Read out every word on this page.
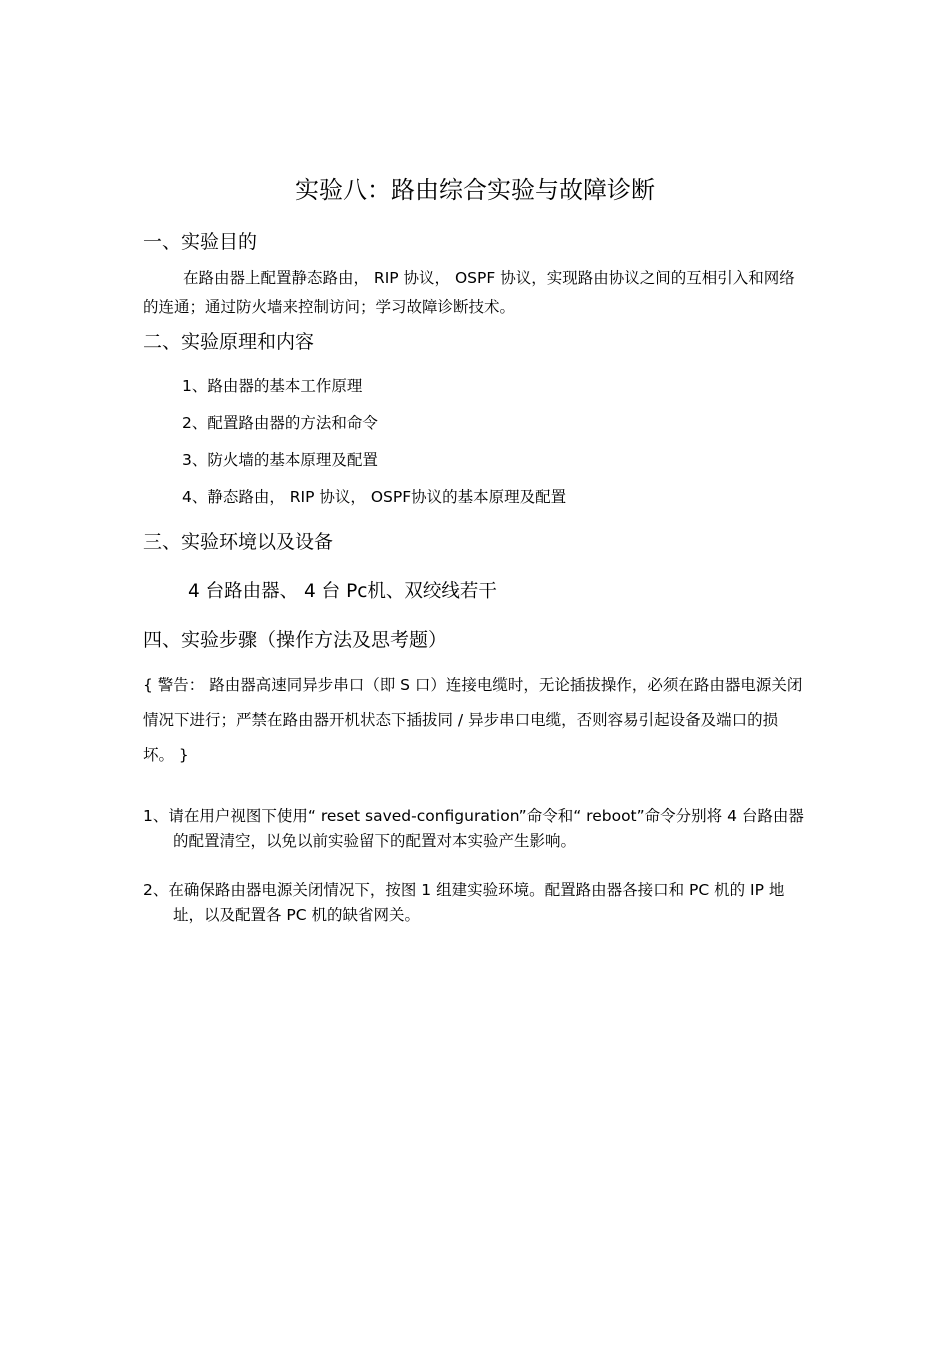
实验八：路由综合实验与故障诊断
一、实验目的

在路由器上配置静态路由， RIP 协议， OSPF 协议，实现路由协议之间的互相引入和网络的连通；通过防火墙来控制访问；学习故障诊断技术。

二、实验原理和内容

1、路由器的基本工作原理

2、配置路由器的方法和命令

3、防火墙的基本原理及配置

4、静态路由， RIP 协议， OSPF协议的基本原理及配置

三、实验环境以及设备

4 台路由器、 4 台 Pc机、双绞线若干

四、实验步骤（操作方法及思考题）

{ 警告： 路由器高速同异步串口（即 S 口）连接电缆时，无论插拔操作，必须在路由器电源关闭情况下进行；严禁在路由器开机状态下插拔同 / 异步串口电缆，否则容易引起设备及端口的损坏。 }

1、请在用户视图下使用“ reset saved-configuration”命令和“ reboot”命令分别将 4 台路由器的配置清空，以免以前实验留下的配置对本实验产生影响。

2、在确保路由器电源关闭情况下，按图 1 组建实验环境。配置路由器各接口和 PC 机的 IP 地址，以及配置各 PC 机的缺省网关。
